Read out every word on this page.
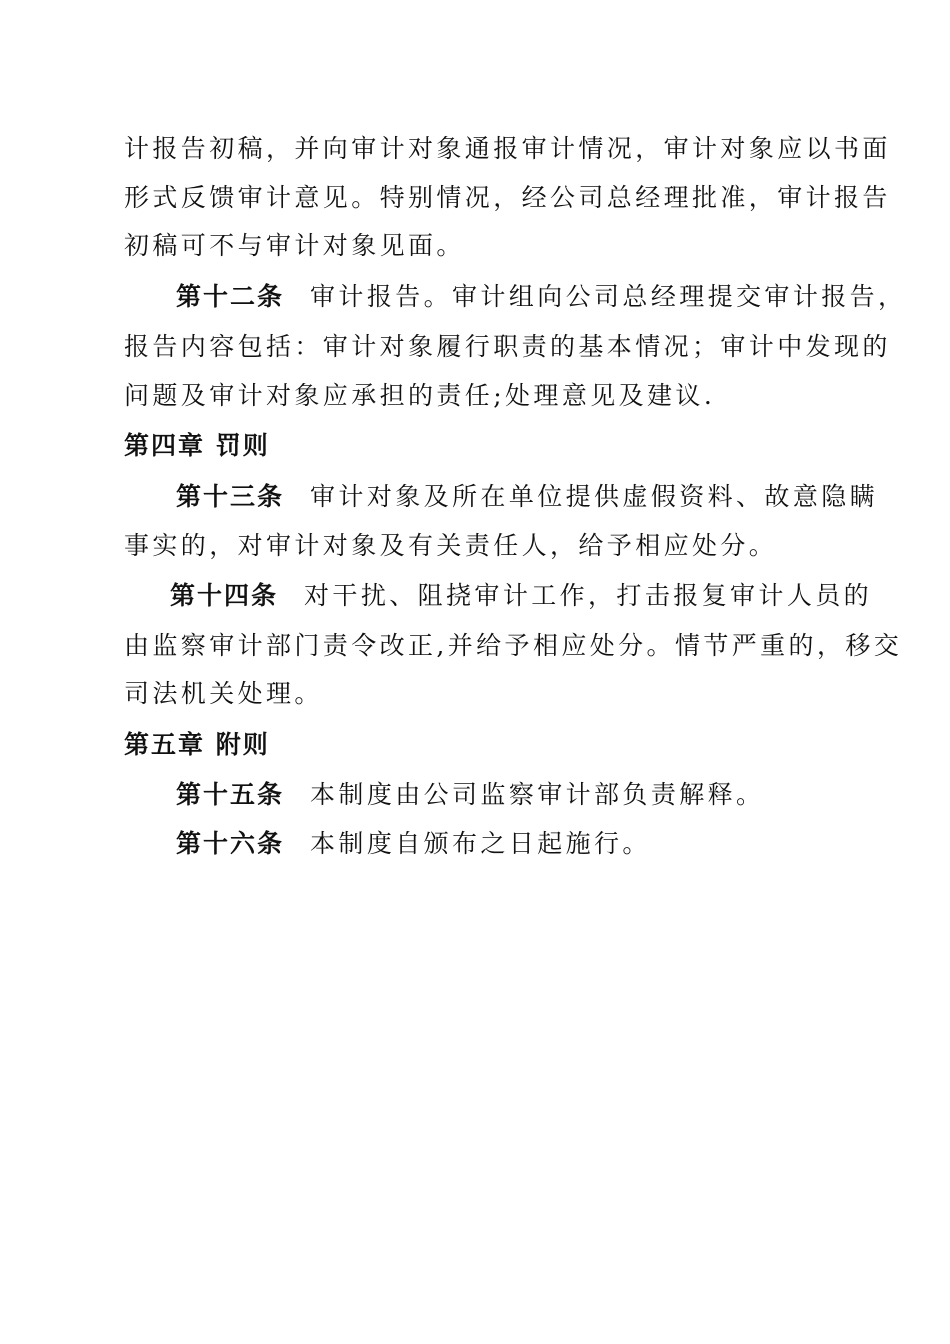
计报告初稿，并向审计对象通报审计情况，审计对象应以书面
形式反馈审计意见。特别情况，经公司总经理批准，审计报告
初稿可不与审计对象见面。
第十二条 审计报告。审计组向公司总经理提交审计报告，
报告内容包括：审计对象履行职责的基本情况；审计中发现的
问题及审计对象应承担的责任;处理意见及建议.
第四章 罚则
第十三条 审计对象及所在单位提供虚假资料、故意隐瞒
事实的，对审计对象及有关责任人，给予相应处分。
第十四条 对干扰、阻挠审计工作，打击报复审计人员的
由监察审计部门责令改正,并给予相应处分。情节严重的，移交
司法机关处理。
第五章 附则
第十五条 本制度由公司监察审计部负责解释。
第十六条 本制度自颁布之日起施行。
